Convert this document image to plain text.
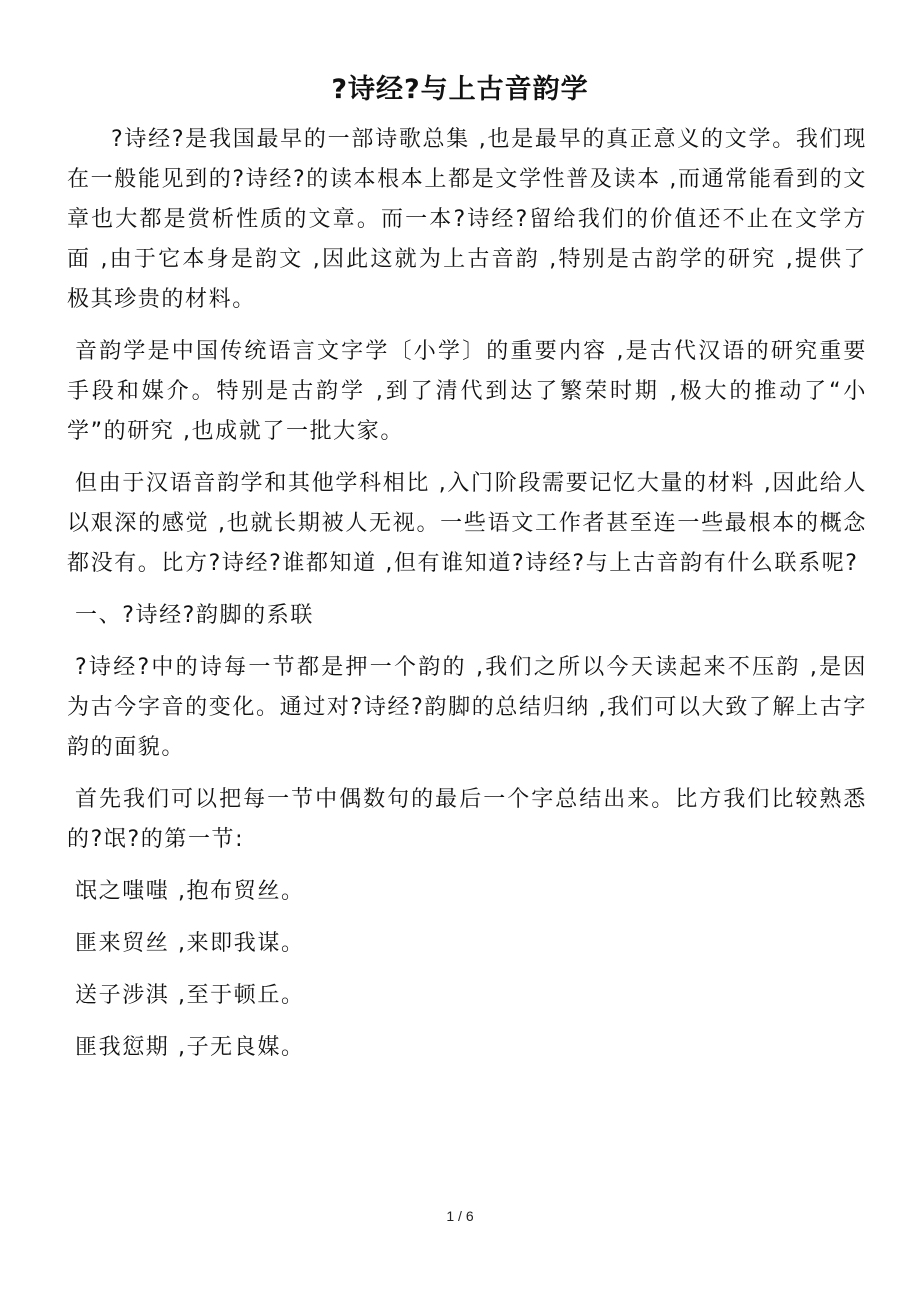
?诗经?与上古音韵学

?诗经?是我国最早的一部诗歌总集 ,也是最早的真正意义的文学。我们现在一般能见到的?诗经?的读本根本上都是文学性普及读本 ,而通常能看到的文章也大都是赏析性质的文章。而一本?诗经?留给我们的价值还不止在文学方面 ,由于它本身是韵文 ,因此这就为上古音韵 ,特别是古韵学的研究 ,提供了极其珍贵的材料。

音韵学是中国传统语言文字学〔小学〕的重要内容 ,是古代汉语的研究重要手段和媒介。特别是古韵学 ,到了清代到达了繁荣时期 ,极大的推动了“小学”的研究 ,也成就了一批大家。

但由于汉语音韵学和其他学科相比 ,入门阶段需要记忆大量的材料 ,因此给人以艰深的感觉 ,也就长期被人无视。一些语文工作者甚至连一些最根本的概念都没有。比方?诗经?谁都知道 ,但有谁知道?诗经?与上古音韵有什么联系呢?

一、?诗经?韵脚的系联

?诗经?中的诗每一节都是押一个韵的 ,我们之所以今天读起来不压韵 ,是因为古今字音的变化。通过对?诗经?韵脚的总结归纳 ,我们可以大致了解上古字韵的面貌。

首先我们可以把每一节中偶数句的最后一个字总结出来。比方我们比较熟悉的?氓?的第一节:

氓之嗤嗤 ,抱布贸丝。

匪来贸丝 ,来即我谋。

送子涉淇 ,至于顿丘。

匪我愆期 ,子无良媒。

1 / 6
